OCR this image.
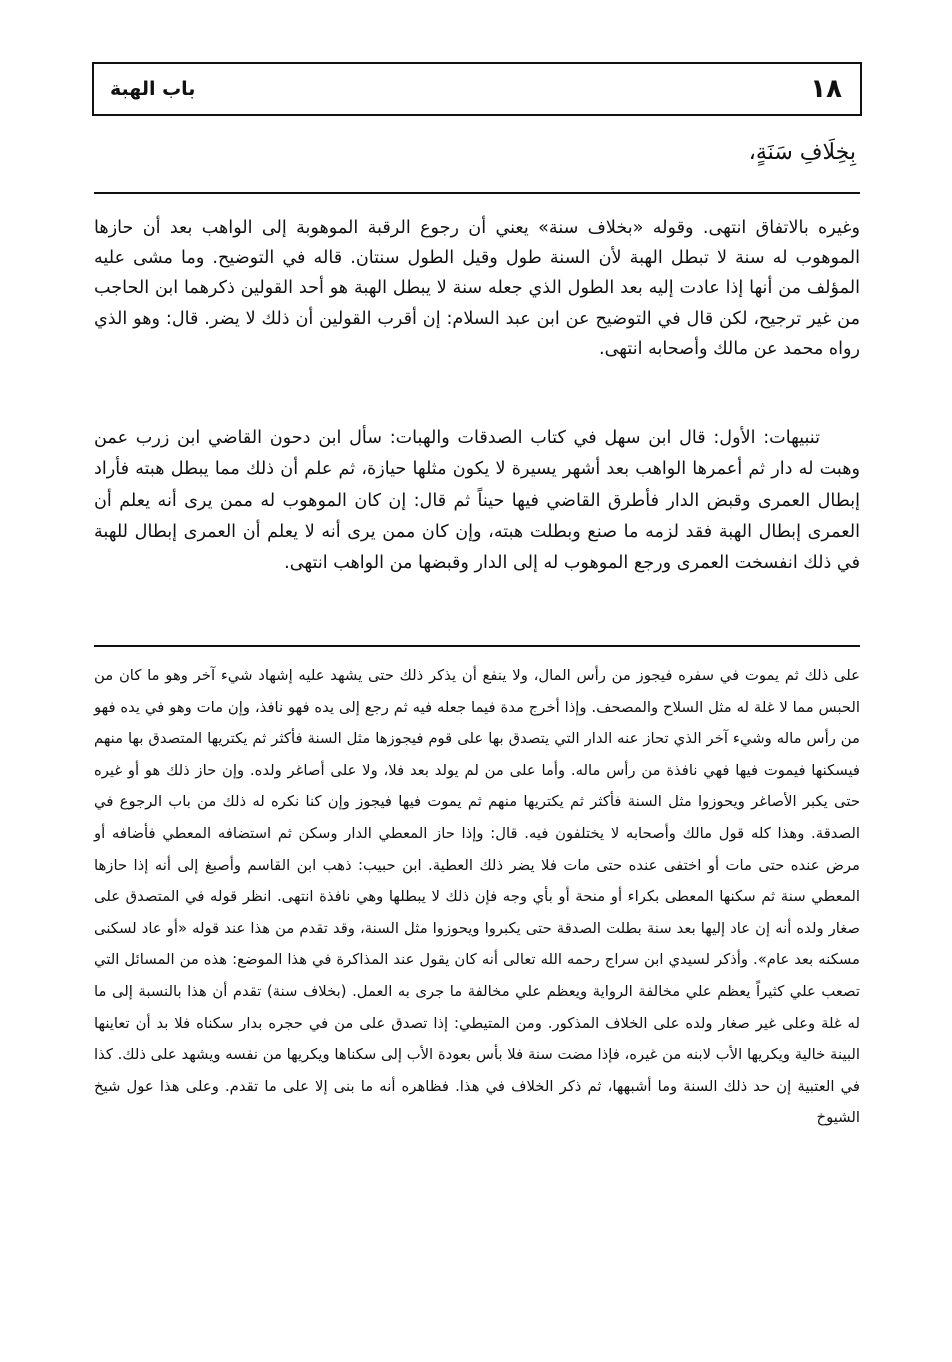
١٨
باب الهبة
بِخِلَافِ سَنَةٍ،

وغيره بالاتفاق انتهى. وقوله «بخلاف سنة» يعني أن رجوع الرقبة الموهوبة إلى الواهب بعد أن حازها الموهوب له سنة لا تبطل الهبة لأن السنة طول وقيل الطول سنتان. قاله في التوضيح. وما مشى عليه المؤلف من أنها إذا عادت إليه بعد الطول الذي جعله سنة لا يبطل الهبة هو أحد القولين ذكرهما ابن الحاجب من غير ترجيح، لكن قال في التوضيح عن ابن عبد السلام: إن أقرب القولين أن ذلك لا يضر. قال: وهو الذي رواه محمد عن مالك وأصحابه انتهى.

تنبيهات: الأول: قال ابن سهل في كتاب الصدقات والهبات: سأل ابن دحون القاضي ابن زرب عمن وهبت له دار ثم أعمرها الواهب بعد أشهر يسيرة لا يكون مثلها حيازة، ثم علم أن ذلك مما يبطل هبته فأراد إبطال العمرى وقبض الدار فأطرق القاضي فيها حيناً ثم قال: إن كان الموهوب له ممن يرى أنه يعلم أن العمرى إبطال الهبة فقد لزمه ما صنع وبطلت هبته، وإن كان ممن يرى أنه لا يعلم أن العمرى إبطال للهبة في ذلك انفسخت العمرى ورجع الموهوب له إلى الدار وقبضها من الواهب انتهى.

على ذلك ثم يموت في سفره فيجوز من رأس المال، ولا ينفع أن يذكر ذلك حتى يشهد عليه إشهاد شيء آخر وهو ما كان من الحبس مما لا غلة له مثل السلاح والمصحف. وإذا أخرج مدة فيما جعله فيه ثم رجع إلى يده فهو نافذ، وإن مات وهو في يده فهو من رأس ماله وشيء آخر الذي تحاز عنه الدار التي يتصدق بها على قوم فيجوزها مثل السنة فأكثر ثم يكتريها المتصدق بها منهم فيسكنها فيموت فيها فهي نافذة من رأس ماله. وأما على من لم يولد بعد فلا، ولا على أصاغر ولده. وإن حاز ذلك هو أو غيره حتى يكبر الأصاغر ويحوزوا مثل السنة فأكثر ثم يكتريها منهم ثم يموت فيها فيجوز وإن كنا نكره له ذلك من باب الرجوع في الصدقة. وهذا كله قول مالك وأصحابه لا يختلفون فيه. قال: وإذا حاز المعطي الدار وسكن ثم استضافه المعطي فأضافه أو مرض عنده حتى مات أو اختفى عنده حتى مات فلا يضر ذلك العطية. ابن حبيب: ذهب ابن القاسم وأصبغ إلى أنه إذا حازها المعطي سنة ثم سكنها المعطى بكراء أو منحة أو بأي وجه فإن ذلك لا يبطلها وهي نافذة انتهى. انظر قوله في المتصدق على صغار ولده أنه إن عاد إليها بعد سنة بطلت الصدقة حتى يكبروا ويحوزوا مثل السنة، وقد تقدم من هذا عند قوله «أو عاد لسكنى مسكنه بعد عام». وأذكر لسيدي ابن سراج رحمه الله تعالى أنه كان يقول عند المذاكرة في هذا الموضع: هذه من المسائل التي تصعب علي كثيراً يعظم علي مخالفة الرواية ويعظم علي مخالفة ما جرى به العمل. (بخلاف سنة) تقدم أن هذا بالنسبة إلى ما له غلة وعلى غير صغار ولده على الخلاف المذكور. ومن المتيطي: إذا تصدق على من في حجره بدار سكناه فلا بد أن تعاينها البينة خالية ويكريها الأب لابنه من غيره، فإذا مضت سنة فلا بأس بعودة الأب إلى سكناها ويكريها من نفسه ويشهد على ذلك. كذا في العتبية إن حد ذلك السنة وما أشبهها، ثم ذكر الخلاف في هذا. فظاهره أنه ما بنى إلا على ما تقدم. وعلى هذا عول شيخ الشيوخ
